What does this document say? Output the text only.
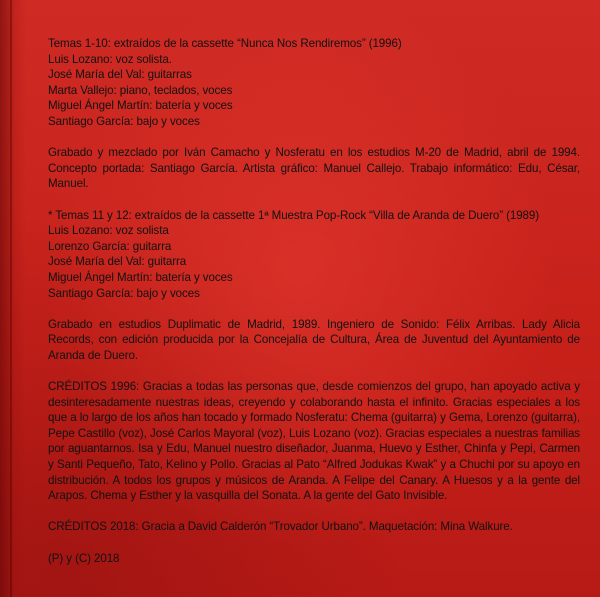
Temas 1-10: extraídos de la cassette “Nunca Nos Rendiremos” (1996)
Luis Lozano: voz solista.
José María del Val: guitarras
Marta Vallejo: piano, teclados, voces
Miguel Ángel Martín: batería y voces
Santiago García: bajo y voces
Grabado y mezclado por Iván Camacho y Nosferatu en los estudios M-20 de Madrid, abril de 1994. Concepto portada: Santiago García. Artista gráfico: Manuel Callejo. Trabajo informático: Edu, César, Manuel.
* Temas 11 y 12: extraídos de la cassette 1ª Muestra Pop-Rock “Villa de Aranda de Duero” (1989)
Luis Lozano: voz solista
Lorenzo García: guitarra
José María del Val: guitarra
Miguel Ángel Martín: batería y voces
Santiago García: bajo y voces
Grabado en estudios Duplimatic de Madrid, 1989. Ingeniero de Sonido: Félix Arribas. Lady Alicia Records, con edición producida por la Concejalía de Cultura, Área de Juventud del Ayuntamiento de Aranda de Duero.
CRÉDITOS 1996: Gracias a todas las personas que, desde comienzos del grupo, han apoyado activa y desinteresadamente nuestras ideas, creyendo y colaborando hasta el infinito. Gracias especiales a los que a lo largo de los años han tocado y formado Nosferatu: Chema (guitarra) y Gema, Lorenzo (guitarra), Pepe Castillo (voz), José Carlos Mayoral (voz), Luis Lozano (voz). Gracias especiales a nuestras familias por aguantarnos. Isa y Edu, Manuel nuestro diseñador, Juanma, Huevo y Esther, Chinfa y Pepi, Carmen y Santi Pequeño, Tato, Kelino y Pollo. Gracias al Pato “Alfred Jodukas Kwak” y a Chuchi por su apoyo en distribución. A todos los grupos y músicos de Aranda. A Felipe del Canary. A Huesos y a la gente del Arapos. Chema y Esther y la vasquilla del Sonata. A la gente del Gato Invisible.
CRÉDITOS 2018: Gracia a David Calderón “Trovador Urbano”. Maquetación: Mina Walkure.
(P) y (C) 2018
